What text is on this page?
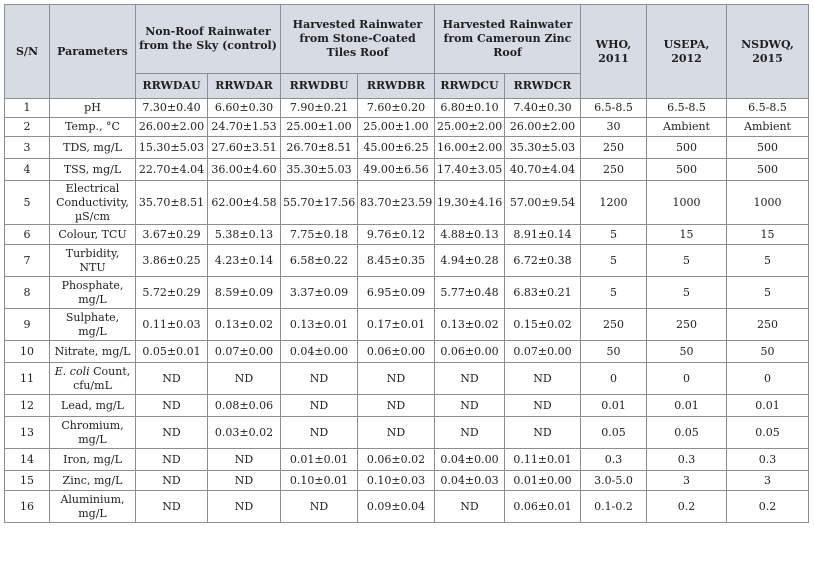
S/N	Parameters	Non-Roof Rainwater from the Sky (control)		Harvested Rainwater from Stone-Coated Tiles Roof		Harvested Rainwater from Cameroun Zinc Roof		WHO, 2011	USEPA, 2012	NSDWQ, 2015
		RRWDAU	RRWDAR	RRWDBU	RRWDBR	RRWDCU	RRWDCR			
1	pH	7.30±0.40	6.60±0.30	7.90±0.21	7.60±0.20	6.80±0.10	7.40±0.30	6.5-8.5	6.5-8.5	6.5-8.5
2	Temp., °C	26.00±2.00	24.70±1.53	25.00±1.00	25.00±1.00	25.00±2.00	26.00±2.00	30	Ambient	Ambient
3	TDS, mg/L	15.30±5.03	27.60±3.51	26.70±8.51	45.00±6.25	16.00±2.00	35.30±5.03	250	500	500
4	TSS, mg/L	22.70±4.04	36.00±4.60	35.30±5.03	49.00±6.56	17.40±3.05	40.70±4.04	250	500	500
5	Electrical Conductivity, µS/cm	35.70±8.51	62.00±4.58	55.70±17.56	83.70±23.59	19.30±4.16	57.00±9.54	1200	1000	1000
6	Colour, TCU	3.67±0.29	5.38±0.13	7.75±0.18	9.76±0.12	4.88±0.13	8.91±0.14	5	15	15
7	Turbidity, NTU	3.86±0.25	4.23±0.14	6.58±0.22	8.45±0.35	4.94±0.28	6.72±0.38	5	5	5
8	Phosphate, mg/L	5.72±0.29	8.59±0.09	3.37±0.09	6.95±0.09	5.77±0.48	6.83±0.21	5	5	5
9	Sulphate, mg/L	0.11±0.03	0.13±0.02	0.13±0.01	0.17±0.01	0.13±0.02	0.15±0.02	250	250	250
10	Nitrate, mg/L	0.05±0.01	0.07±0.00	0.04±0.00	0.06±0.00	0.06±0.00	0.07±0.00	50	50	50
11	E. coli Count, cfu/mL	ND	ND	ND	ND	ND	ND	0	0	0
12	Lead, mg/L	ND	0.08±0.06	ND	ND	ND	ND	0.01	0.01	0.01
13	Chromium, mg/L	ND	0.03±0.02	ND	ND	ND	ND	0.05	0.05	0.05
14	Iron, mg/L	ND	ND	0.01±0.01	0.06±0.02	0.04±0.00	0.11±0.01	0.3	0.3	0.3
15	Zinc, mg/L	ND	ND	0.10±0.01	0.10±0.03	0.04±0.03	0.01±0.00	3.0-5.0	3	3
16	Aluminium, mg/L	ND	ND	ND	0.09±0.04	ND	0.06±0.01	0.1-0.2	0.2	0.2
